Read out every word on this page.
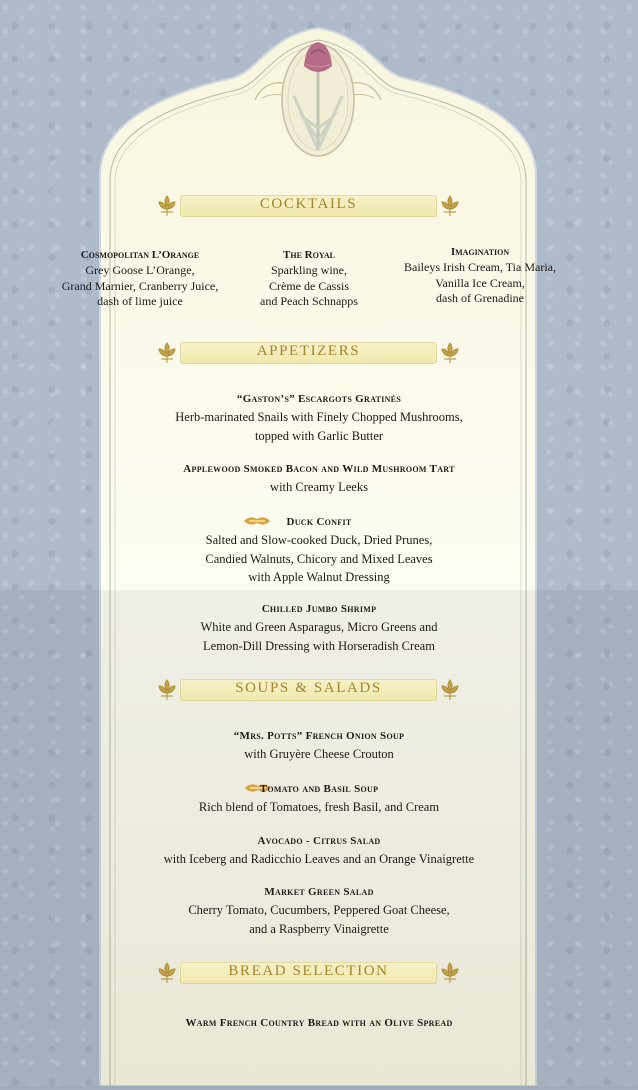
COCKTAILS
Cosmopolitan L’Orange
Grey Goose L’Orange,
Grand Marnier, Cranberry Juice,
dash of lime juice
The Royal
Sparkling wine,
Crème de Cassis
and Peach Schnapps
Imagination
Baileys Irish Cream, Tia Maria,
Vanilla Ice Cream,
dash of Grenadine
APPETIZERS
“Gaston’s” Escargots Gratinés
Herb-marinated Snails with Finely Chopped Mushrooms,
topped with Garlic Butter
Applewood Smoked Bacon and Wild Mushroom Tart
with Creamy Leeks
Duck Confit
Salted and Slow-cooked Duck, Dried Prunes,
Candied Walnuts, Chicory and Mixed Leaves
with Apple Walnut Dressing
Chilled Jumbo Shrimp
White and Green Asparagus, Micro Greens and
Lemon-Dill Dressing with Horseradish Cream
SOUPS & SALADS
“Mrs. Potts” French Onion Soup
with Gruyère Cheese Crouton
Tomato and Basil Soup
Rich blend of Tomatoes, fresh Basil, and Cream
Avocado - Citrus Salad
with Iceberg and Radicchio Leaves and an Orange Vinaigrette
Market Green Salad
Cherry Tomato, Cucumbers, Peppered Goat Cheese,
and a Raspberry Vinaigrette
BREAD SELECTION
Warm French Country Bread with an Olive Spread
